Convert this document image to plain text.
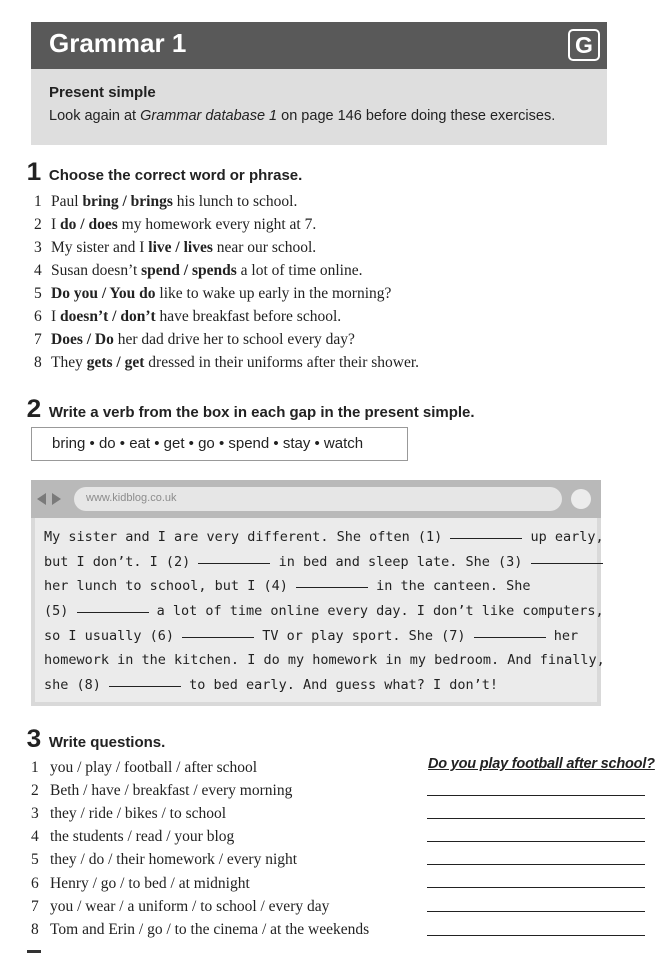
Grammar 1	G
Present simple
Look again at Grammar database 1 on page 146 before doing these exercises.
1 Choose the correct word or phrase.
1 Paul bring / brings his lunch to school.
2 I do / does my homework every night at 7.
3 My sister and I live / lives near our school.
4 Susan doesn’t spend / spends a lot of time online.
5 Do you / You do like to wake up early in the morning?
6 I doesn’t / don’t have breakfast before school.
7 Does / Do her dad drive her to school every day?
8 They gets / get dressed in their uniforms after their shower.
2 Write a verb from the box in each gap in the present simple.
bring • do • eat • get • go • spend • stay • watch
www.kidblog.co.uk
My sister and I are very different. She often (1)	up early,
but I don’t. I (2)	in bed and sleep late. She (3)
her lunch to school, but I (4)	in the canteen. She
(5)	a lot of time online every day. I don’t like computers,
so I usually (6)	TV or play sport. She (7)	her
homework in the kitchen. I do my homework in my bedroom. And finally,
she (8)	to bed early. And guess what? I don’t!
3 Write questions.
1 you / play / football / after school
2 Beth / have / breakfast / every morning
3 they / ride / bikes / to school
4 the students / read / your blog
5 they / do / their homework / every night
6 Henry / go / to bed / at midnight
7 you / wear / a uniform / to school / every day
8 Tom and Erin / go / to the cinema / at the weekends
Do you play football after school?
